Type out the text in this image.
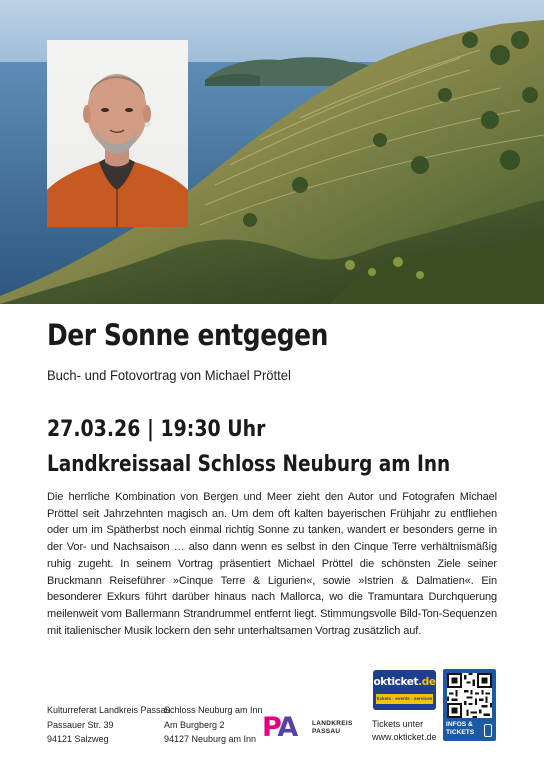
Der Sonne entgegen

Buch- und Fotovortrag von Michael Pröttel

27.03.26 | 19:30 Uhr

Landkreissaal Schloss Neuburg am Inn

Die herrliche Kombination von Bergen und Meer zieht den Autor und Fotografen Michael Pröttel seit Jahrzehnten magisch an. Um dem oft kalten bayerischen Frühjahr zu entfliehen oder um im Spätherbst noch einmal richtig Sonne zu tanken, wandert er besonders gerne in der Vor- und Nachsaison … also dann wenn es selbst in den Cinque Terre verhältnismäßig ruhig zugeht. In seinem Vortrag präsentiert Michael Pröttel die schönsten Ziele seiner Bruckmann Reiseführer »Cinque Terre & Ligurien«, sowie »Istrien & Dalmatien«. Ein besonderer Exkurs führt darüber hinaus nach Mallorca, wo die Tramuntara Durchquerung meilenweit vom Ballermann Strandrummel entfernt liegt. Stimmungsvolle Bild-Ton-Sequenzen mit italienischer Musik lockern den sehr unterhaltsamen Vortrag zusätzlich auf.

Kulturreferat Landkreis Passau
Passauer Str. 39
94121 Salzweg
Schloss Neuburg am Inn
Am Burgberg 2
94127 Neuburg am Inn PA LANDKREIS
PASSAU
okticket.de
tickets · events · services
Tickets unter
www.okticket.de
INFOS &
TICKETS
